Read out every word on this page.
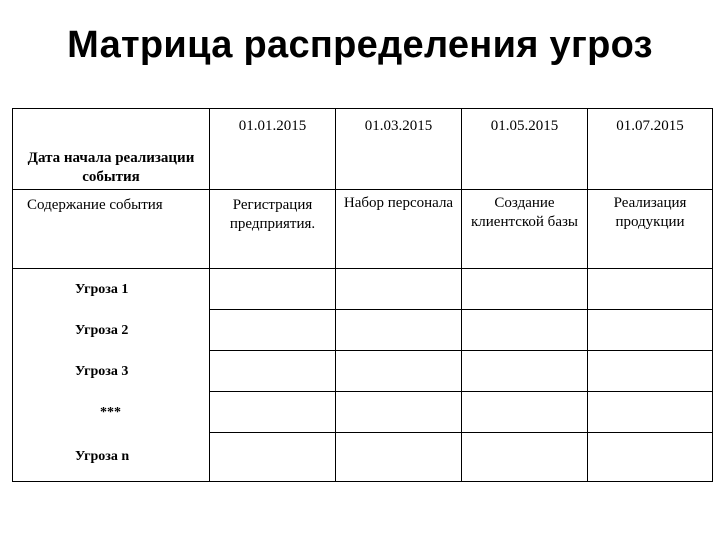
Матрица распределения угроз
Дата начала реализации события	01.01.2015	01.03.2015	01.05.2015	01.07.2015
Содержание события	Регистрация предприятия.	Набор персонала	Создание клиентской базы	Реализация продукции

Угроза 1				

Угроза 2				

Угроза 3				

***				

Угроза n				
